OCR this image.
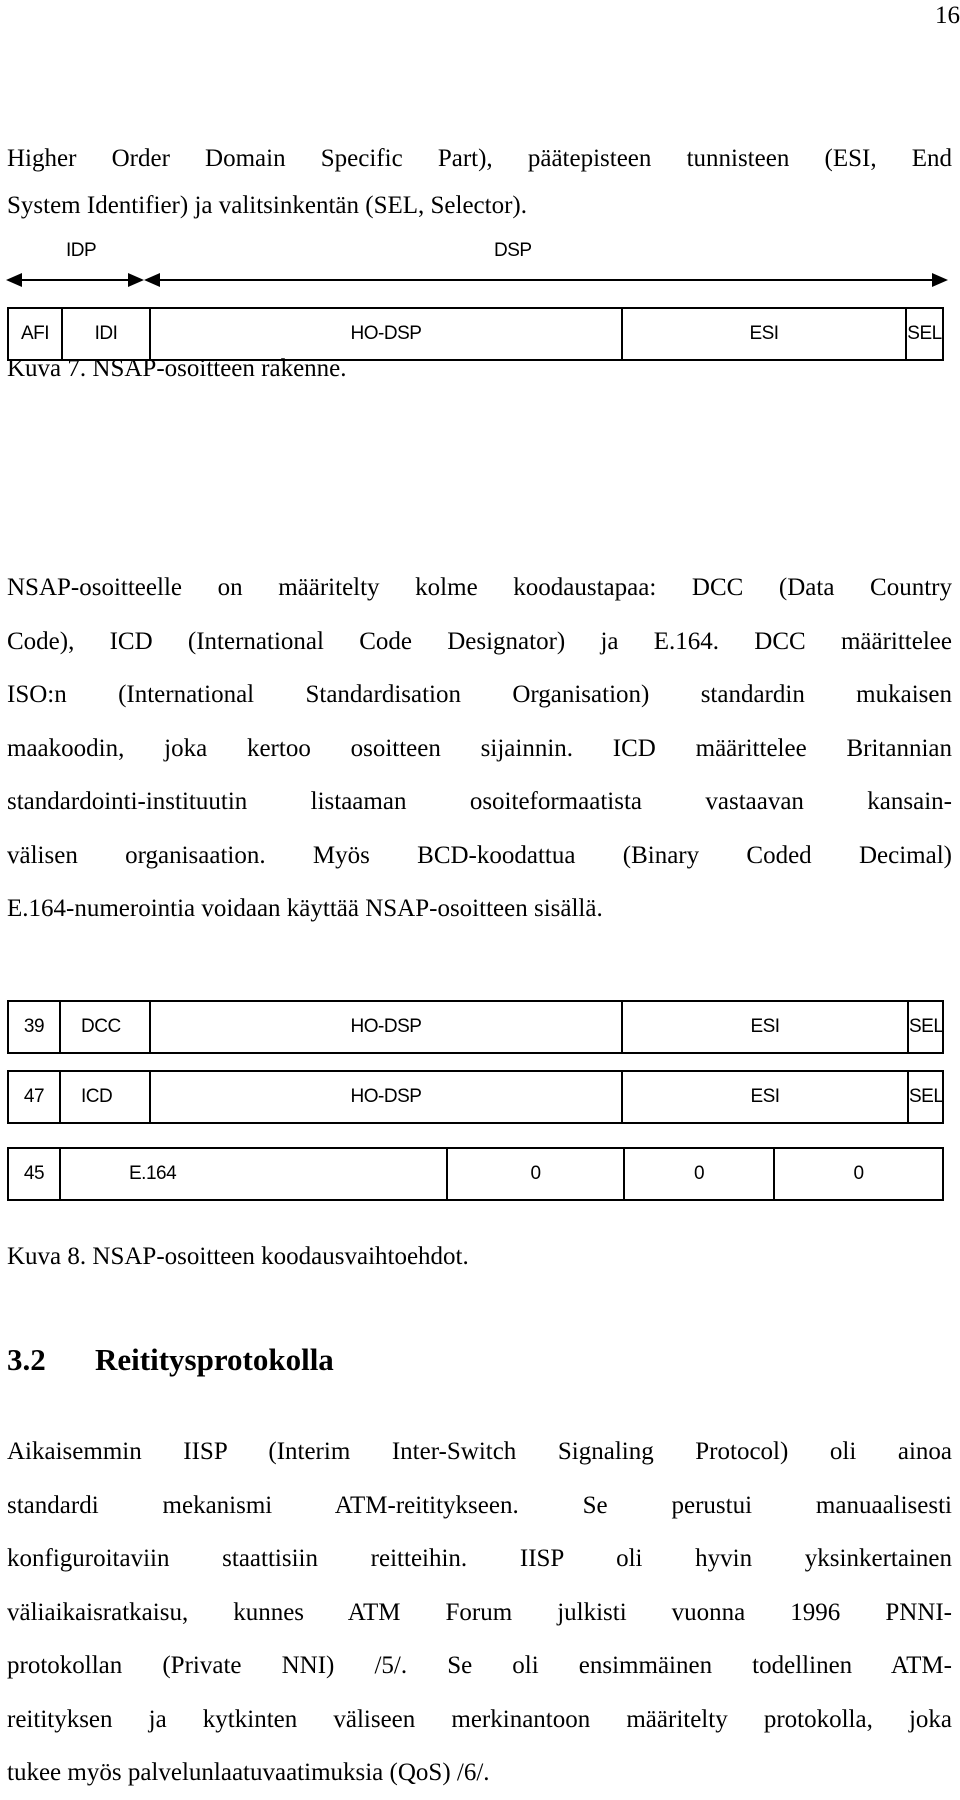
16
Higher Order Domain Specific Part), päätepisteen tunnisteen (ESI, End
System Identifier) ja valitsinkentän (SEL, Selector).
IDP	DSP
AFI	IDI	HO-DSP	ESI	SEL
Kuva 7. NSAP-osoitteen rakenne.
NSAP-osoitteelle on määritelty kolme koodaustapaa: DCC (Data Country
Code), ICD (International Code Designator) ja E.164. DCC määrittelee
ISO:n (International Standardisation Organisation) standardin mukaisen
maakoodin, joka kertoo osoitteen sijainnin. ICD määrittelee Britannian
standardointi-instituutin listaaman osoiteformaatista vastaavan kansain-
välisen organisaation. Myös BCD-koodattua (Binary Coded Decimal)
E.164-numerointia voidaan käyttää NSAP-osoitteen sisällä.
39	DCC	HO-DSP	ESI	SEL
47	ICD	HO-DSP	ESI	SEL
45	E.164	0	0	0
Kuva 8. NSAP-osoitteen koodausvaihtoehdot.
3.2 Reititysprotokolla
Aikaisemmin IISP (Interim Inter-Switch Signaling Protocol) oli ainoa
standardi mekanismi ATM-reititykseen. Se perustui manuaalisesti
konfiguroitaviin staattisiin reitteihin. IISP oli hyvin yksinkertainen
väliaikaisratkaisu, kunnes ATM Forum julkisti vuonna 1996 PNNI-
protokollan (Private NNI) /5/. Se oli ensimmäinen todellinen ATM-
reitityksen ja kytkinten väliseen merkinantoon määritelty protokolla, joka
tukee myös palvelunlaatuvaatimuksia (QoS) /6/.
